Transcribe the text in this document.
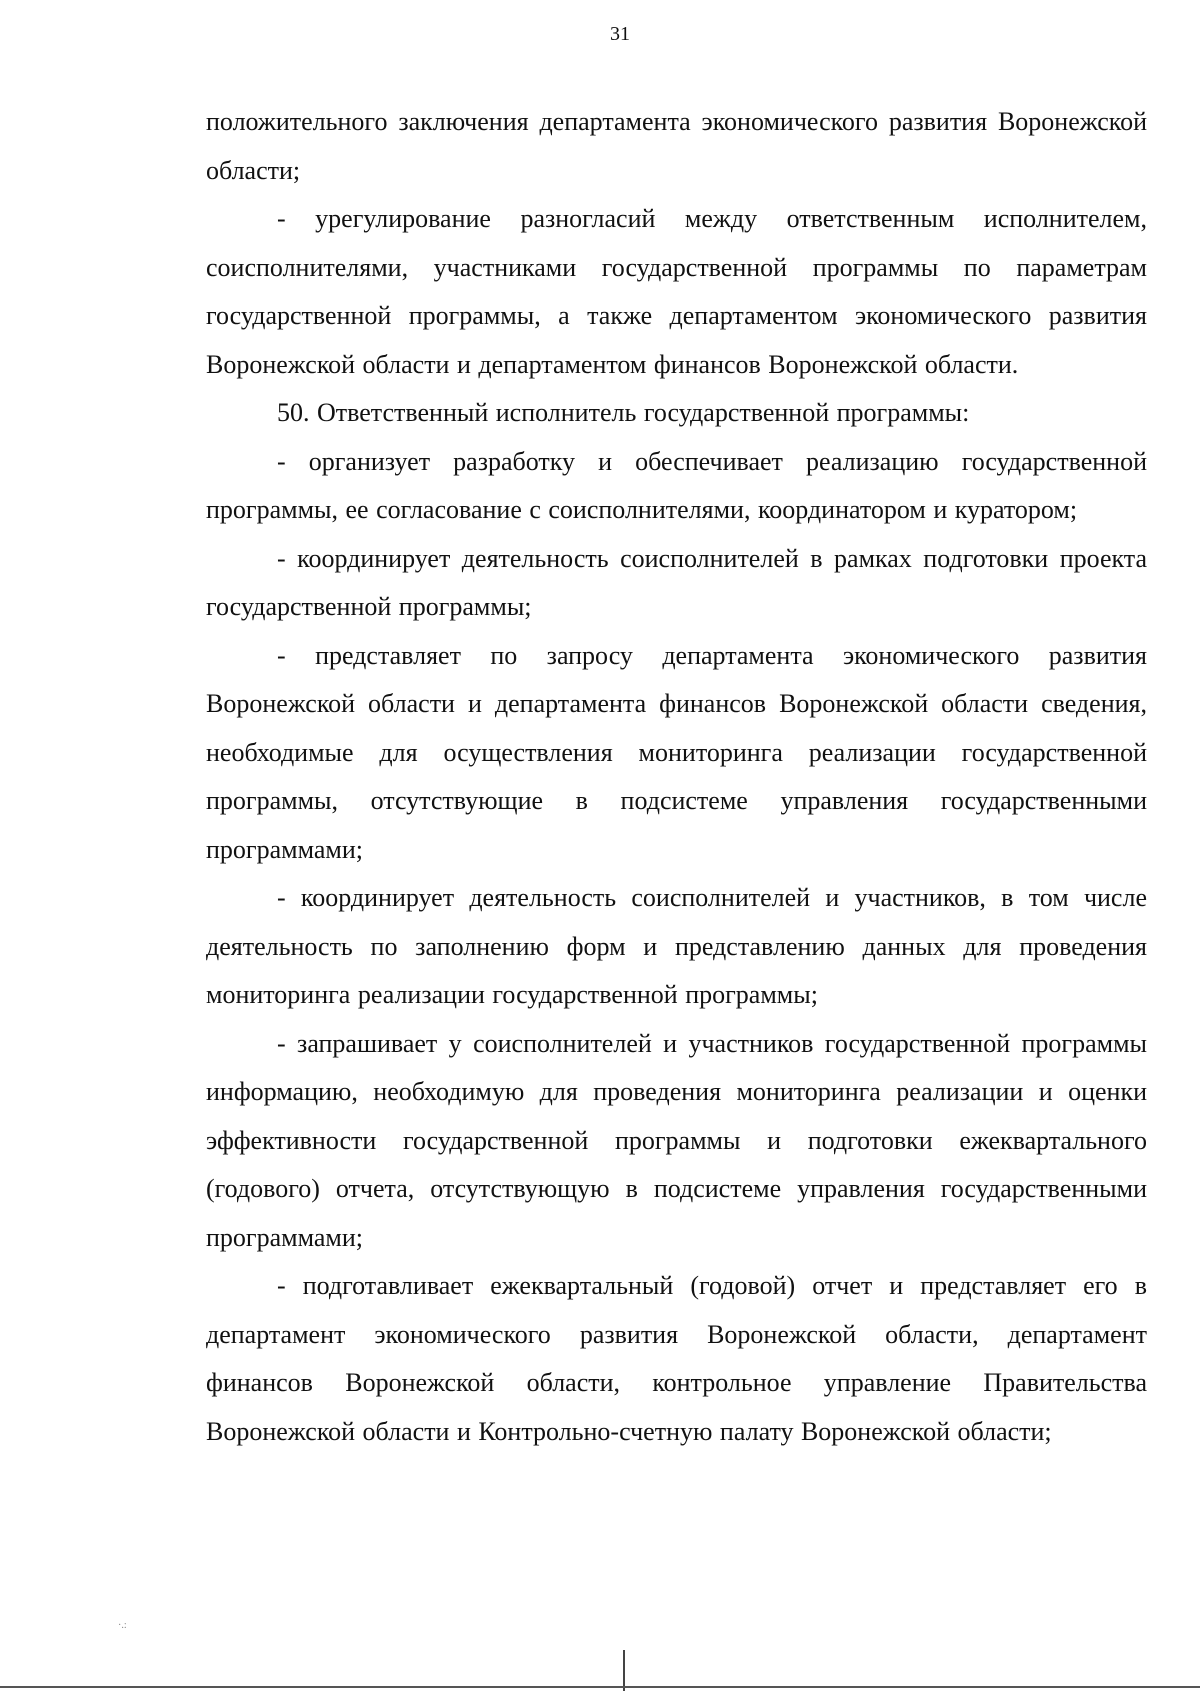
31

положительного заключения департамента экономического развития Воронежской области;

- урегулирование разногласий между ответственным исполнителем, соисполнителями, участниками государственной программы по параметрам государственной программы, а также департаментом экономического развития Воронежской области и департаментом финансов Воронежской области.

50. Ответственный исполнитель государственной программы:

- организует разработку и обеспечивает реализацию государственной программы, ее согласование с соисполнителями, координатором и куратором;

- координирует деятельность соисполнителей в рамках подготовки проекта государственной программы;

- представляет по запросу департамента экономического развития Воронежской области и департамента финансов Воронежской области сведения, необходимые для осуществления мониторинга реализации государственной программы, отсутствующие в подсистеме управления государственными программами;

- координирует деятельность соисполнителей и участников, в том числе деятельность по заполнению форм и представлению данных для проведения мониторинга реализации государственной программы;

- запрашивает у соисполнителей и участников государственной программы информацию, необходимую для проведения мониторинга реализации и оценки эффективности государственной программы и подготовки ежеквартального (годового) отчета, отсутствующую в подсистеме управления государственными программами;

- подготавливает ежеквартальный (годовой) отчет и представляет его в департамент экономического развития Воронежской области, департамент финансов Воронежской области, контрольное управление Правительства Воронежской области и Контрольно-счетную палату Воронежской области;

·.:
